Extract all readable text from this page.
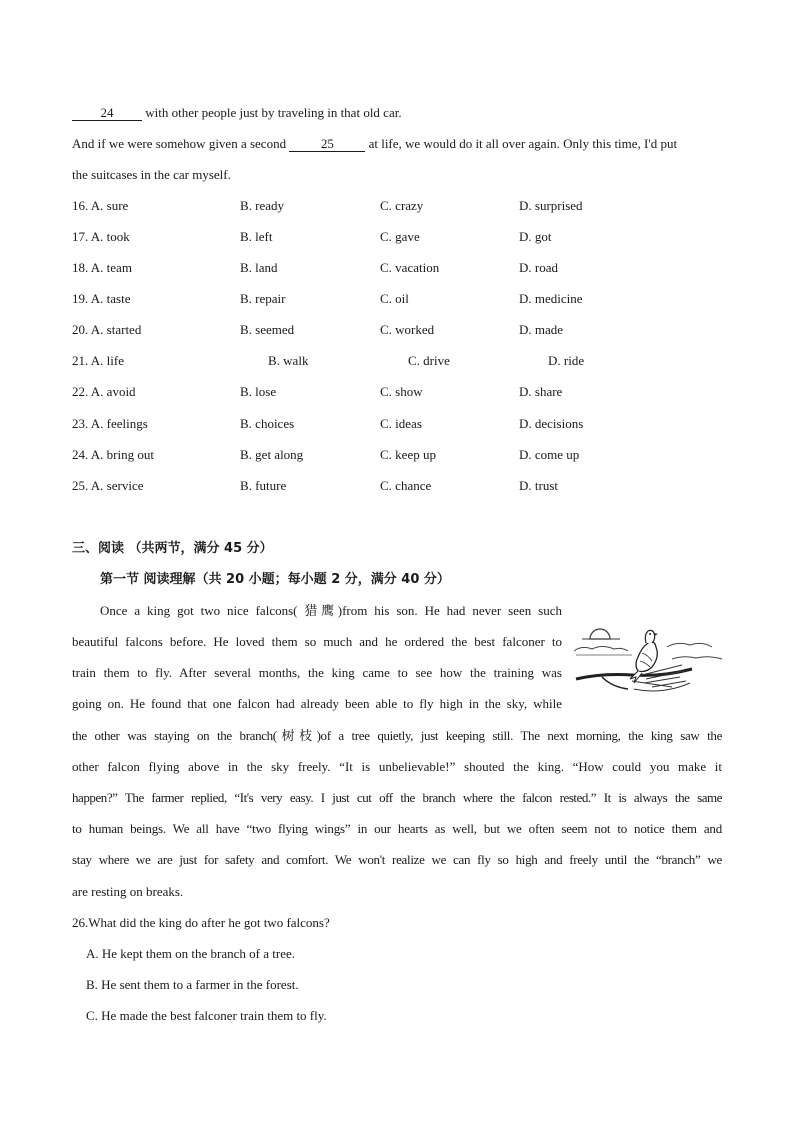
24 with other people just by traveling in that old car.
And if we were somehow given a second 25 at life, we would do it all over again. Only this time, I'd put
the suitcases in the car myself.
16. A. sure	B. ready	C. crazy	D. surprised
17. A. took	B. left	C. gave	D. got
18. A. team	B. land	C. vacation	D. road
19. A. taste	B. repair	C. oil	D. medicine
20. A. started	B. seemed	C. worked	D. made
21. A. life	B. walk	C. drive	D. ride
22. A. avoid	B. lose	C. show	D. share
23. A. feelings	B. choices	C. ideas	D. decisions
24. A. bring out	B. get along	C. keep up	D. come up
25. A. service	B. future	C. chance	D. trust
三、阅读 （共两节，满分 45 分）
第一节 阅读理解（共 20 小题；每小题 2 分，满分 40 分）
Once a king got two nice falcons( 猎鹰)from his son. He had never seen such
beautiful falcons before. He loved them so much and he ordered the best falconer to
train them to fly. After several months, the king came to see how the training was
going on. He found that one falcon had already been able to fly high in the sky, while
the other was staying on the branch(树枝)of a tree quietly, just keeping still. The next morning, the king saw the
other falcon flying above in the sky freely. “It is unbelievable!” shouted the king. “How could you make it
happen?” The farmer replied, “It's very easy. I just cut off the branch where the falcon rested.” It is always the same
to human beings. We all have “two flying wings” in our hearts as well, but we often seem not to notice them and
stay where we are just for safety and comfort. We won't realize we can fly so high and freely until the “branch” we
are resting on breaks.
26.What did the king do after he got two falcons?
A. He kept them on the branch of a tree.
B. He sent them to a farmer in the forest.
C. He made the best falconer train them to fly.
